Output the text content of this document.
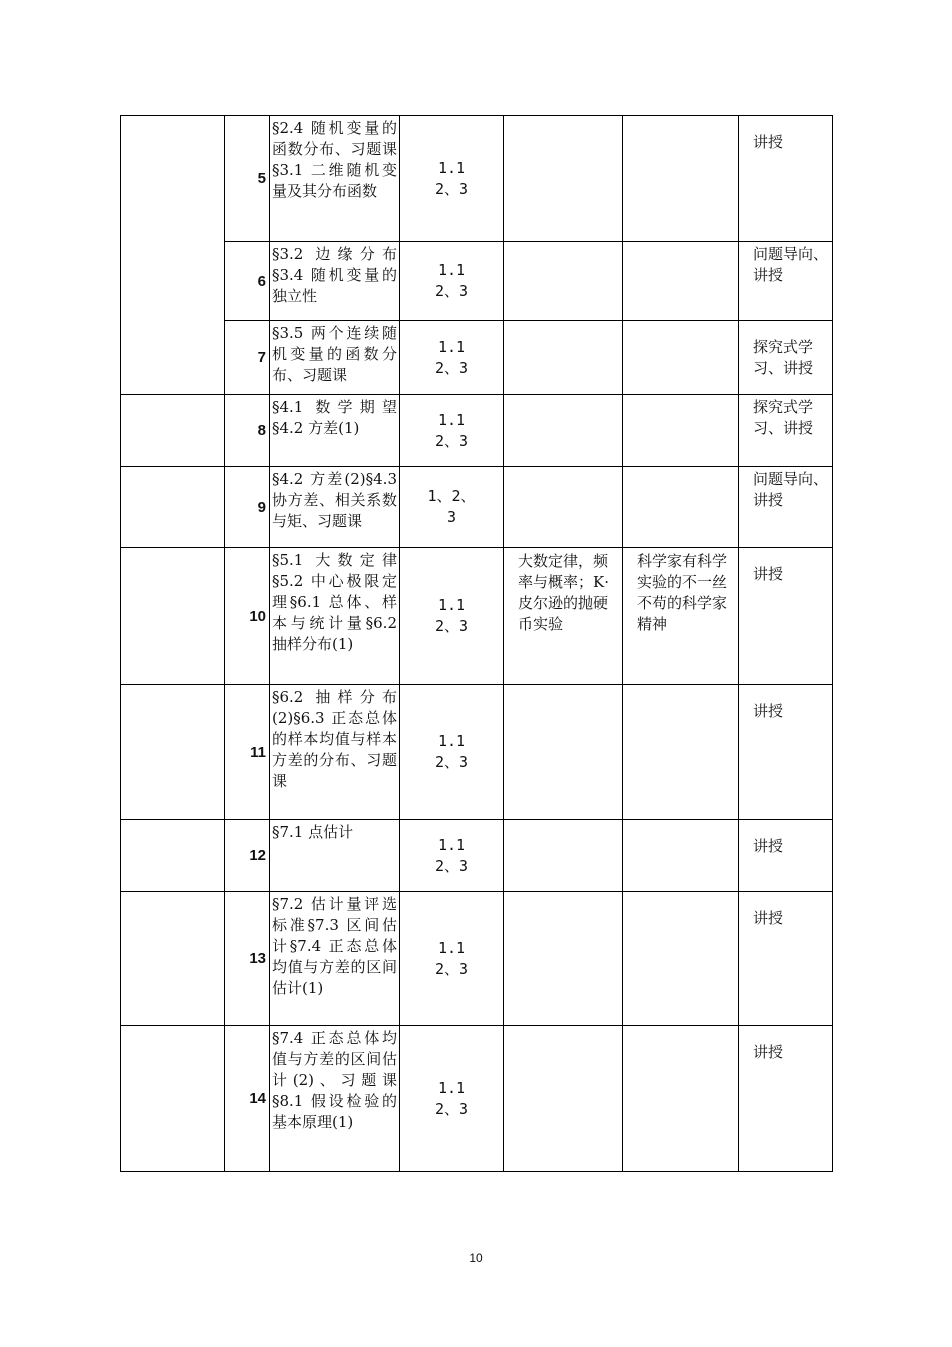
	5	§2.4 随机变量的函数分布、习题课§3.1 二维随机变量及其分布函数	1.1
2、3			讲授
	6	§3.2 边缘分布§3.4 随机变量的独立性	1.1
2、3			问题导向、讲授
	7	§3.5 两个连续随机变量的函数分布、习题课	1.1
2、3			探究式学习、讲授
	8	§4.1 数学期望§4.2 方差(1)	1.1
2、3			探究式学习、讲授
	9	§4.2 方差(2)§4.3 协方差、相关系数与矩、习题课	1、2、
3			问题导向、讲授
	10	§5.1 大数定律§5.2 中心极限定理§6.1 总体、样本与统计量§6.2 抽样分布(1)	1.1
2、3	大数定律，频率与概率；K·皮尔逊的抛硬币实验	科学家有科学实验的不一丝不苟的科学家精神	讲授
	11	§6.2 抽样分布(2)§6.3 正态总体的样本均值与样本方差的分布、习题课	1.1
2、3			讲授
	12	§7.1 点估计	1.1
2、3			讲授
	13	§7.2 估计量评选标准§7.3 区间估计§7.4 正态总体均值与方差的区间估计(1)	1.1
2、3			讲授
	14	§7.4 正态总体均值与方差的区间估计(2)、习题课§8.1 假设检验的基本原理(1)	1.1
2、3			讲授
10
